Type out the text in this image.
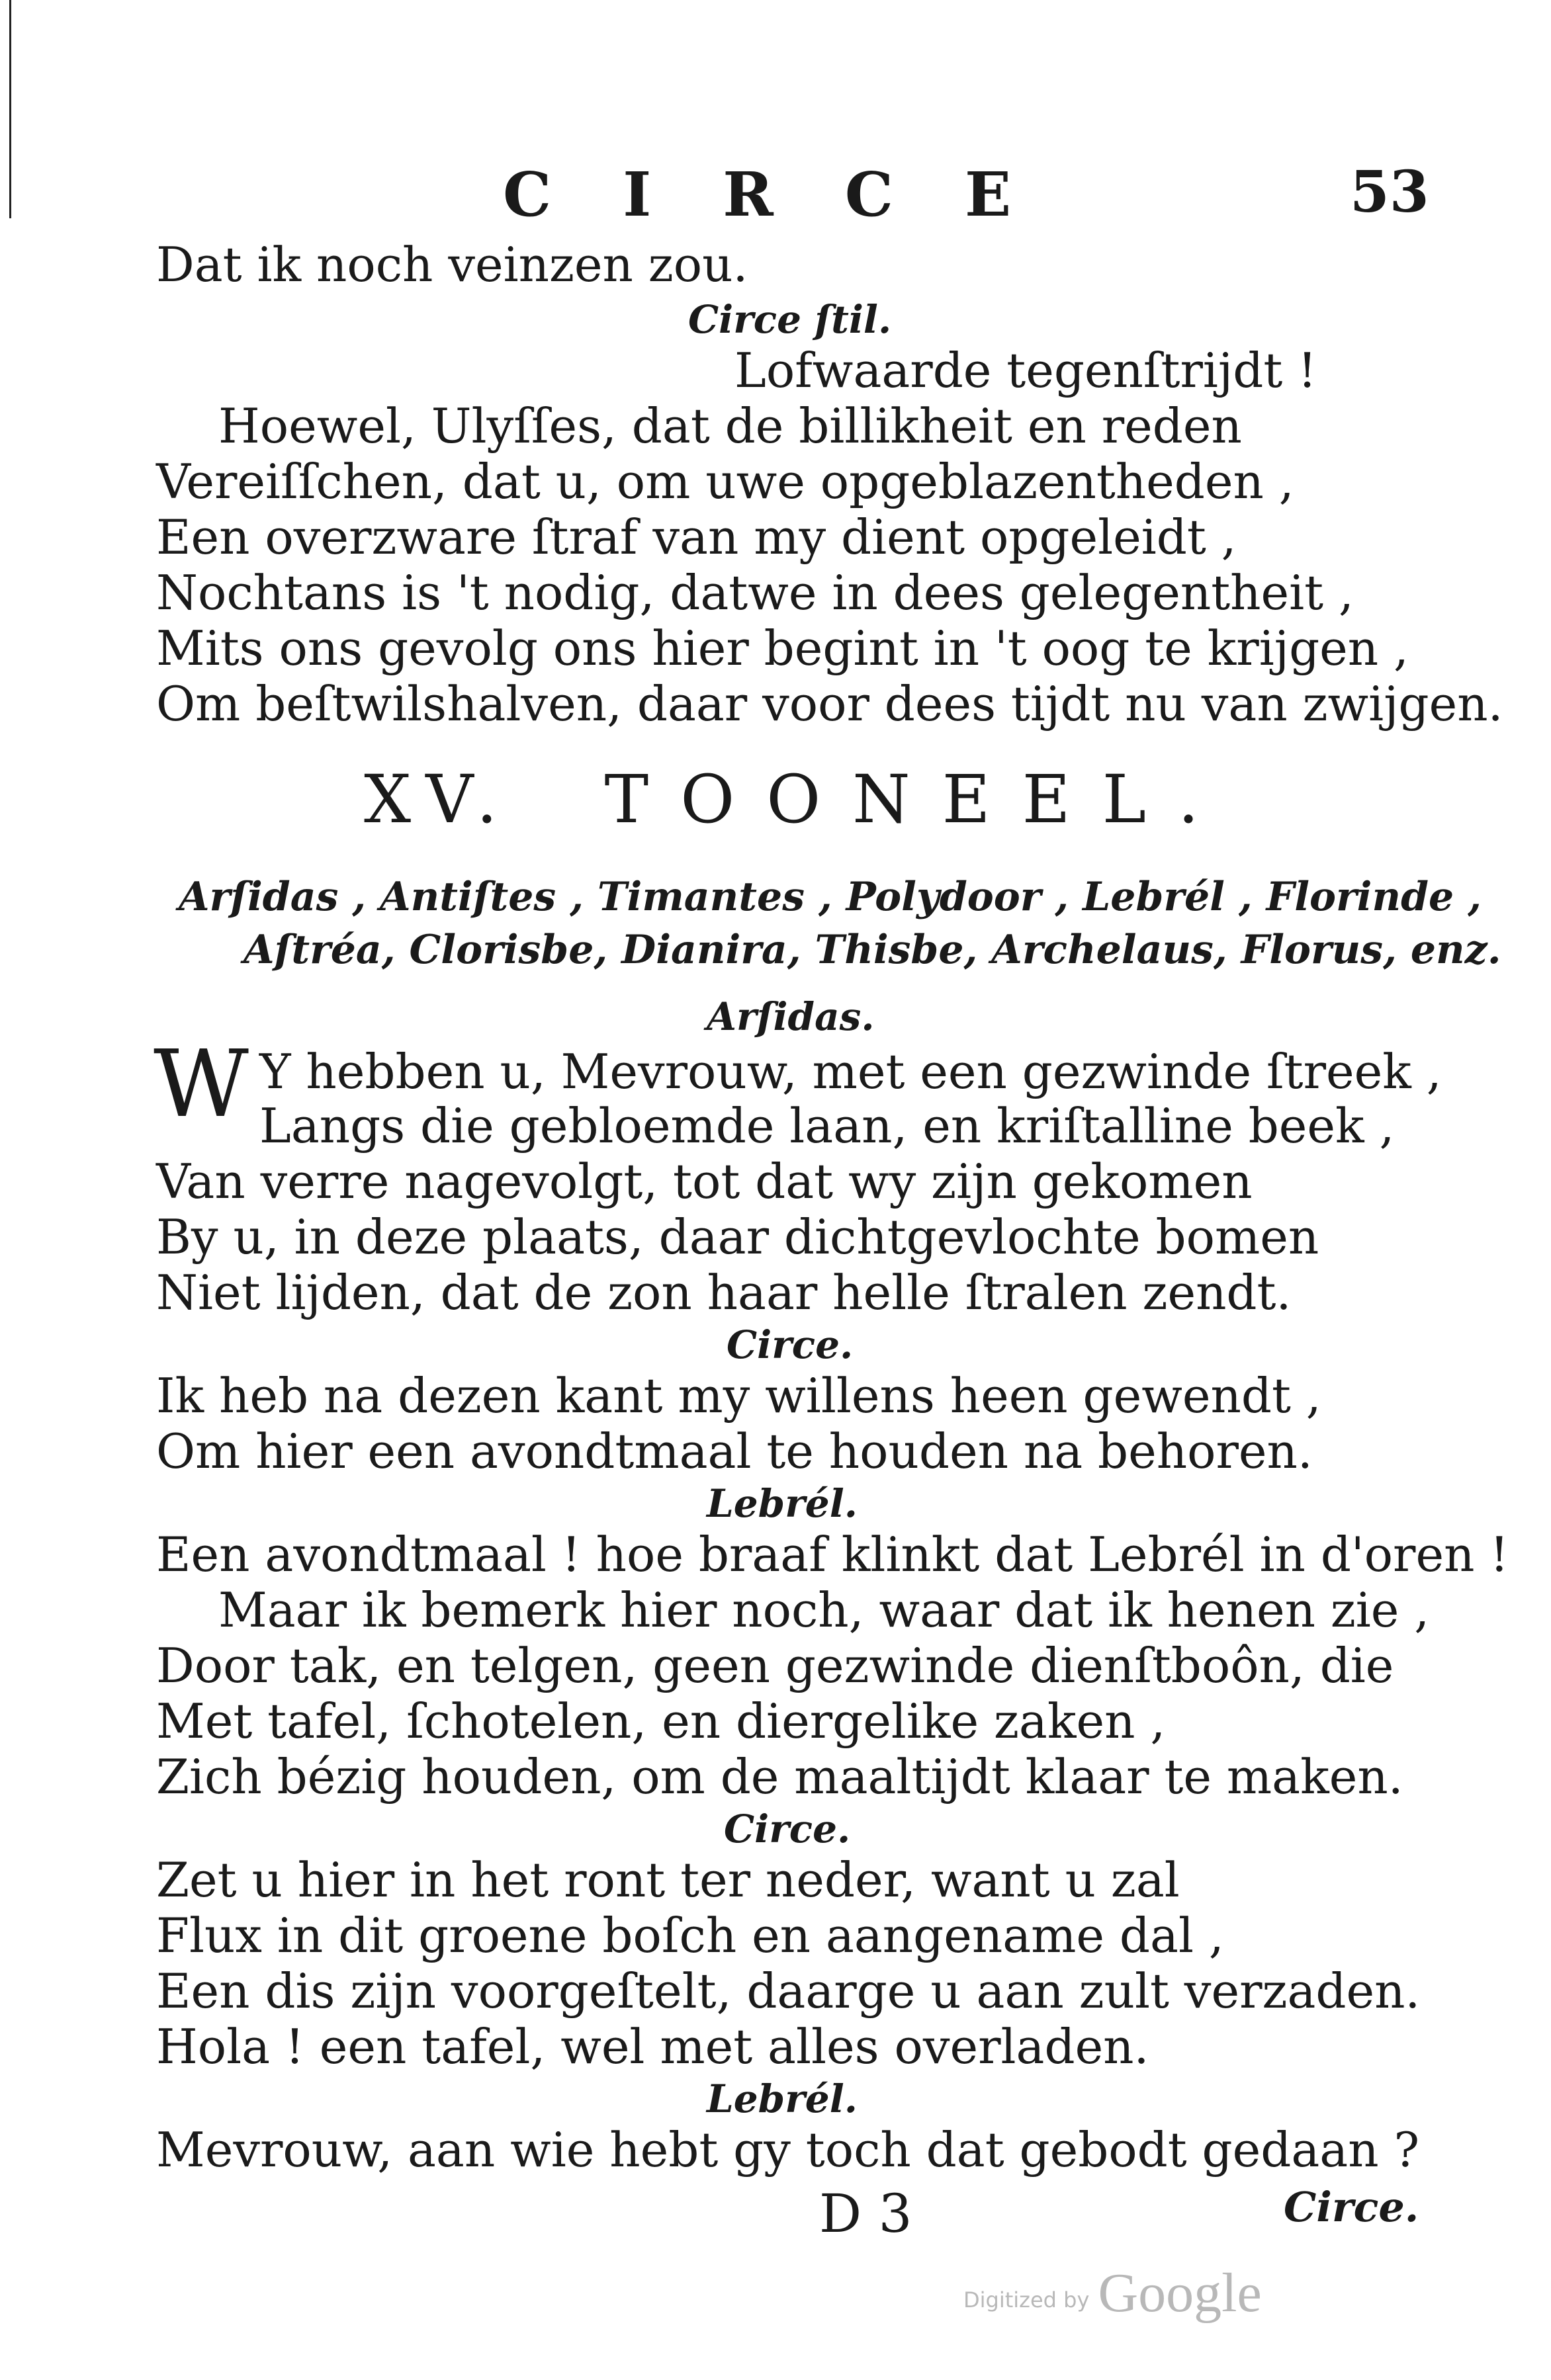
CIRCE	53
Dat ik noch veinzen zou.
Circe ſtil.
Lofwaarde tegenſtrijdt !
Hoewel, Ulyſſes, dat de billikheit en reden
Vereiſſchen, dat u, om uwe opgeblazentheden ,
Een overzware ſtraf van my dient opgeleidt ,
Nochtans is 't nodig, datwe in dees gelegentheit ,
Mits ons gevolg ons hier begint in 't oog te krijgen ,
Om beſtwilshalven, daar voor dees tijdt nu van zwijgen.
XV. TOONEEL.
Arſidas , Antiſtes , Timantes , Polydoor , Lebrél , Florinde ,
Aſtréa, Clorisbe, Dianira, Thisbe, Archelaus, Florus, enz.
W
Arſidas.
Y hebben u, Mevrouw, met een gezwinde ſtreek ,
Langs die gebloemde laan, en kriſtalline beek ,
Van verre nagevolgt, tot dat wy zijn gekomen
By u, in deze plaats, daar dichtgevlochte bomen
Niet lijden, dat de zon haar helle ſtralen zendt.
Circe.
Ik heb na dezen kant my willens heen gewendt ,
Om hier een avondtmaal te houden na behoren.
Lebrél.
Een avondtmaal ! hoe braaf klinkt dat Lebrél in d'oren !
Maar ik bemerk hier noch, waar dat ik henen zie ,
Door tak, en telgen, geen gezwinde dienſtboôn, die
Met tafel, ſchotelen, en diergelike zaken ,
Zich bézig houden, om de maaltijdt klaar te maken.
Circe.
Zet u hier in het ront ter neder, want u zal
Flux in dit groene boſch en aangename dal ,
Een dis zijn voorgeſtelt, daarge u aan zult verzaden.
Hola ! een tafel, wel met alles overladen.
Lebrél.
Mevrouw, aan wie hebt gy toch dat gebodt gedaan ?
D 3	Circe.
Digitized by Google
